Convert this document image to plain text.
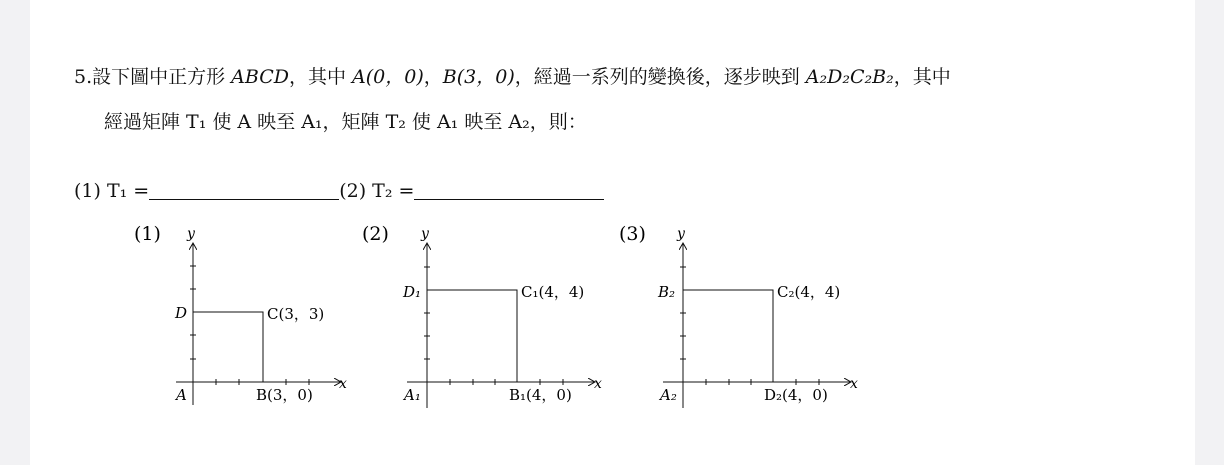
5.設下圖中正方形 ABCD，其中 A(0，0)，B(3，0)，經過一系列的變換後，逐步映到 A₂D₂C₂B₂，其中
經過矩陣 T₁ 使 A 映至 A₁，矩陣 T₂ 使 A₁ 映至 A₂，則：
(1) T₁ =	(2) T₂ =
(1) y
x
D	C(3，3)
A	B(3，0)
(2) y
x
D₁	C₁(4，4)
A₁	B₁(4，0)
(3) y
x
B₂	C₂(4，4)
A₂	D₂(4，0)
